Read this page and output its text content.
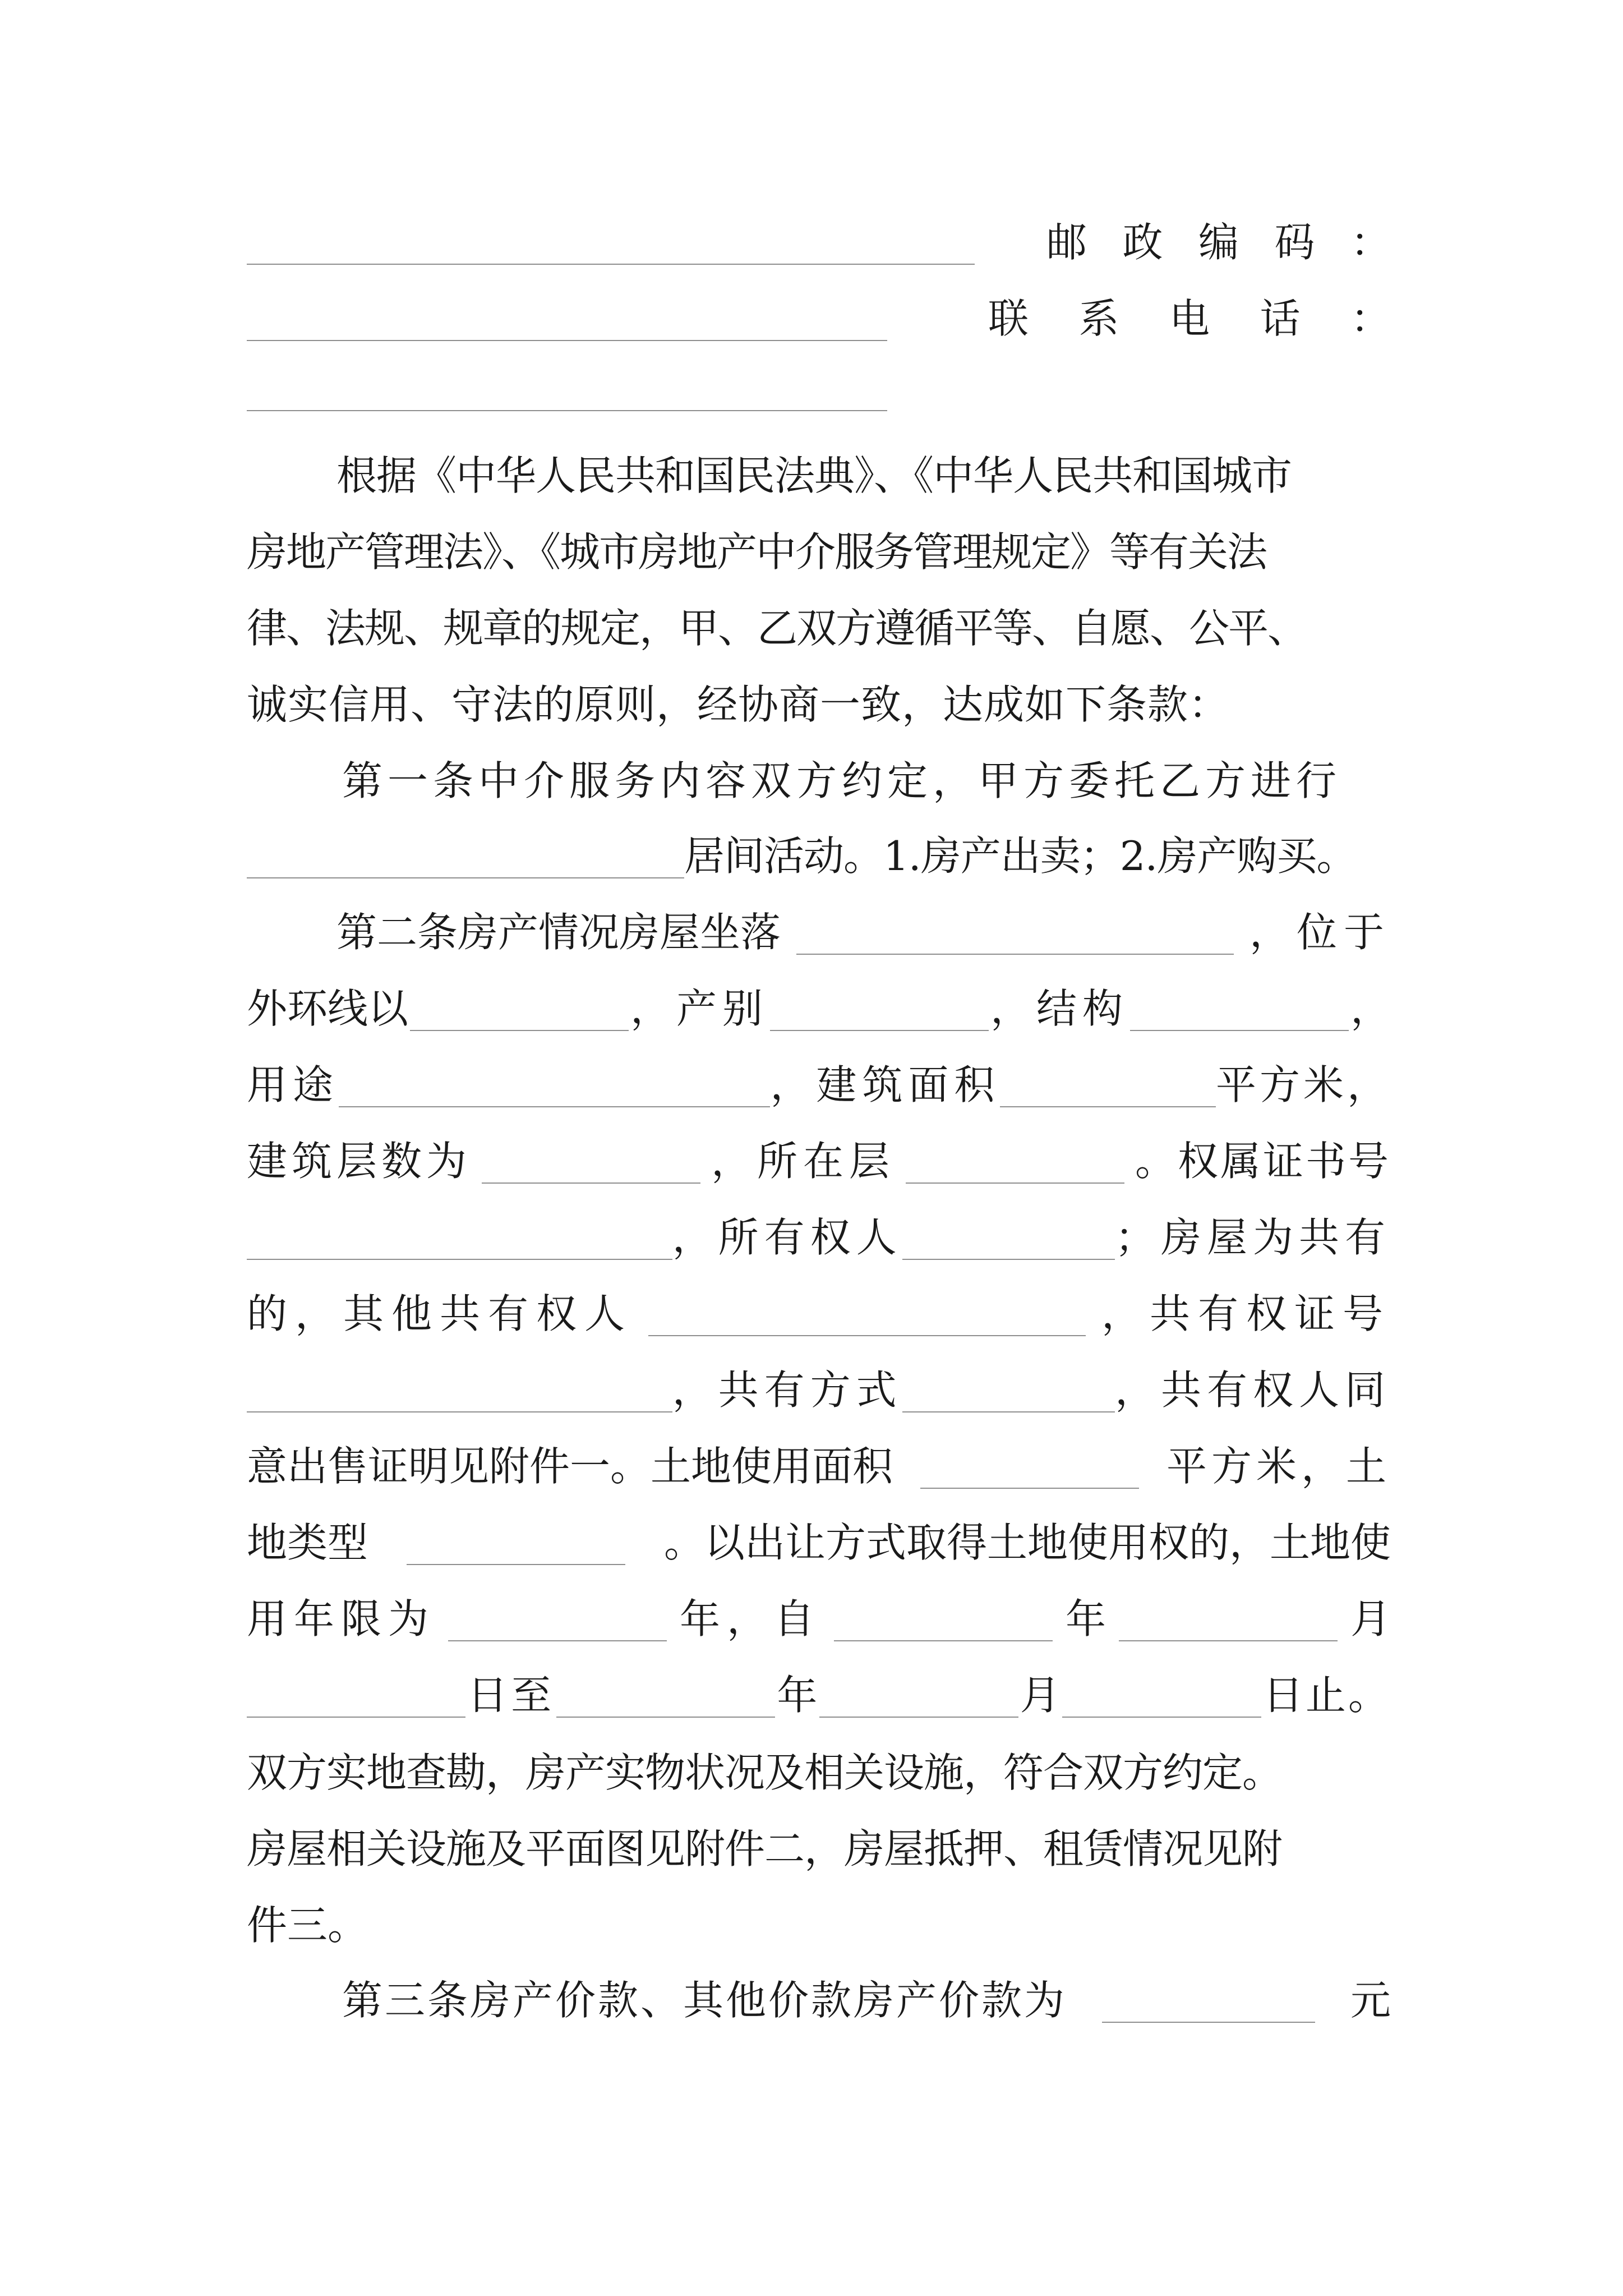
邮 政 编 码 ：
联 系 电 话 ：
根据《中华人民共和国民法典》、《中华人民共和国城市
房地产管理法》、《城市房地产中介服务管理规定》等有关法
律、法规、规章的规定，甲、乙双方遵循平等、自愿、公平、
诚实信用、守法的原则，经协商一致，达成如下条款：
第一条中介服务内容双方约定，甲方委托乙方进行
居间活动。1.房产出卖；2.房产购买。
第二条房产情况房屋坐落	，位于
外环线以	，产别	，结构	，
用途	，建筑面积	平方米，
建筑层数为	，所在层	。权属证书号
，所有权人	；房屋为共有
的，其他共有权人	，共有权证号
，共有方式	，共有权人同
意出售证明见附件一。土地使用面积	平方米，土
地类型	。以出让方式取得土地使用权的，土地使
用年限为	年，自	年	月
日至	年	月	日止。
双方实地查勘，房产实物状况及相关设施，符合双方约定。
房屋相关设施及平面图见附件二，房屋抵押、租赁情况见附
件三。
第三条房产价款、其他价款房产价款为	元
